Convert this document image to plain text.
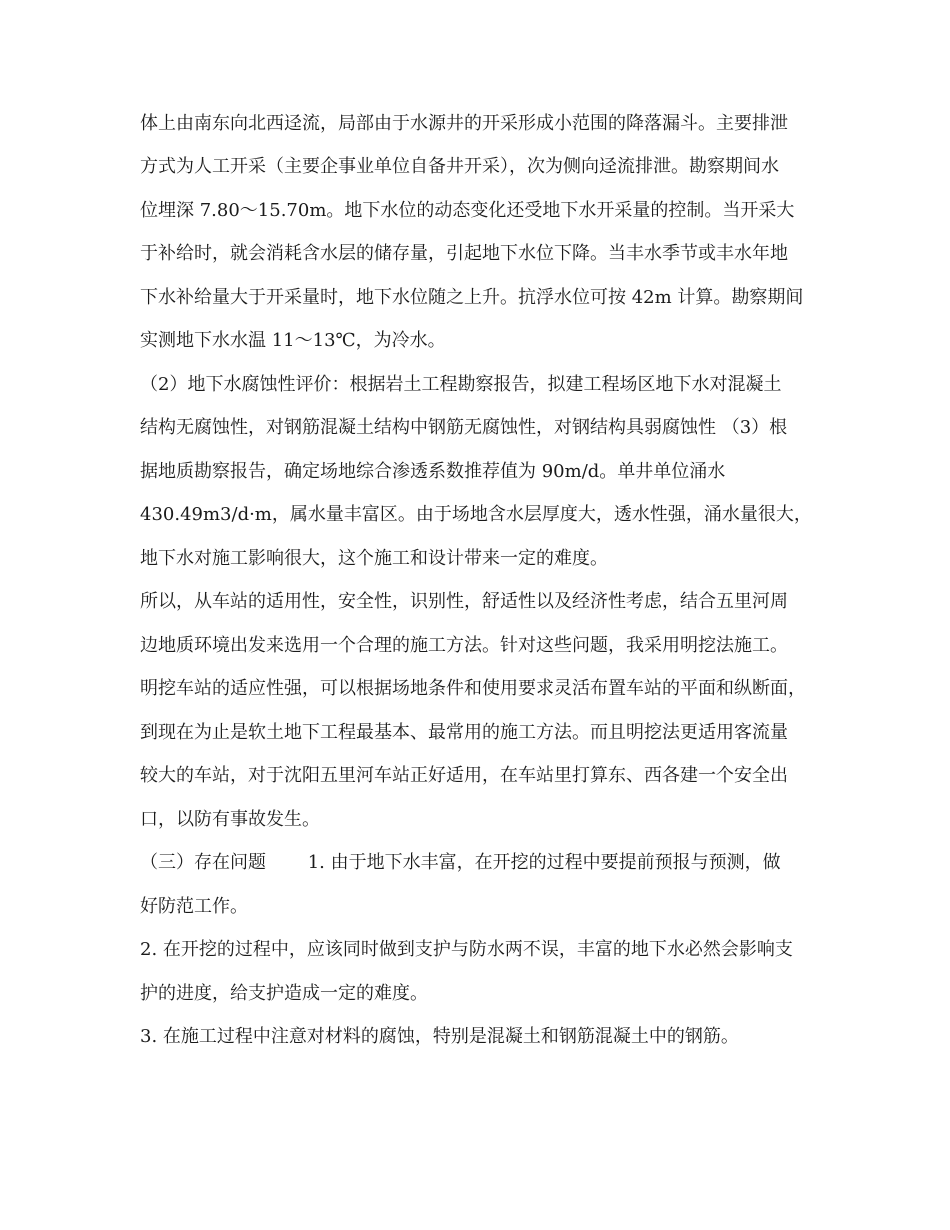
体上由南东向北西迳流，局部由于水源井的开采形成小范围的降落漏斗。主要排泄
方式为人工开采（主要企事业单位自备井开采），次为侧向迳流排泄。勘察期间水
位埋深 7.80～15.70m。地下水位的动态变化还受地下水开采量的控制。当开采大
于补给时，就会消耗含水层的储存量，引起地下水位下降。当丰水季节或丰水年地
下水补给量大于开采量时，地下水位随之上升。抗浮水位可按 42m 计算。勘察期间
实测地下水水温 11～13℃，为冷水。
（2）地下水腐蚀性评价：根据岩土工程勘察报告，拟建工程场区地下水对混凝土
结构无腐蚀性，对钢筋混凝土结构中钢筋无腐蚀性，对钢结构具弱腐蚀性 （3）根
据地质勘察报告，确定场地综合渗透系数推荐值为 90m/d。单井单位涌水
430.49m3/d·m，属水量丰富区。由于场地含水层厚度大，透水性强，涌水量很大，
地下水对施工影响很大，这个施工和设计带来一定的难度。
所以，从车站的适用性，安全性，识别性，舒适性以及经济性考虑，结合五里河周
边地质环境出发来选用一个合理的施工方法。针对这些问题，我采用明挖法施工。
明挖车站的适应性强，可以根据场地条件和使用要求灵活布置车站的平面和纵断面，
到现在为止是软土地下工程最基本、最常用的施工方法。而且明挖法更适用客流量
较大的车站，对于沈阳五里河车站正好适用，在车站里打算东、西各建一个安全出
口，以防有事故发生。
（三）存在问题　　 1. 由于地下水丰富，在开挖的过程中要提前预报与预测，做
好防范工作。
2. 在开挖的过程中，应该同时做到支护与防水两不误，丰富的地下水必然会影响支
护的进度，给支护造成一定的难度。
3. 在施工过程中注意对材料的腐蚀，特别是混凝土和钢筋混凝土中的钢筋。
